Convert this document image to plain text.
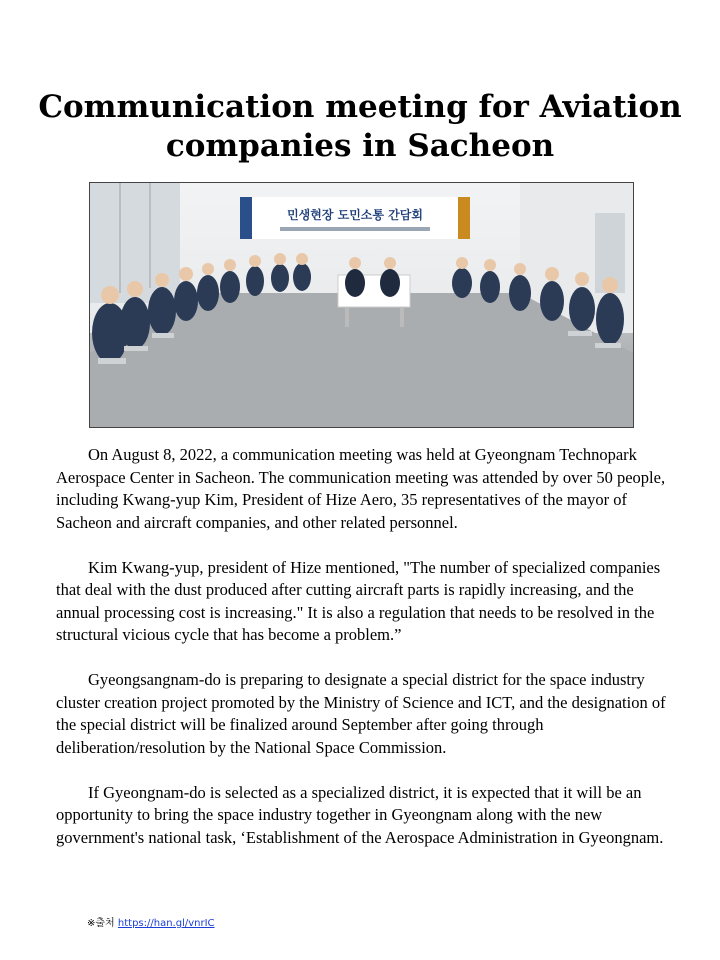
Communication meeting for Aviation companies in Sacheon
민생현장 도민소통 간담회

On August 8, 2022, a communication meeting was held at Gyeongnam Technopark Aerospace Center in Sacheon. The communication meeting was attended by over 50 people, including Kwang-yup Kim, President of Hize Aero, 35 representatives of the mayor of Sacheon and aircraft companies, and other related personnel.

Kim Kwang-yup, president of Hize mentioned, "The number of specialized companies that deal with the dust produced after cutting aircraft parts is rapidly increasing, and the annual processing cost is increasing." It is also a regulation that needs to be resolved in the structural vicious cycle that has become a problem.”

Gyeongsangnam-do is preparing to designate a special district for the space industry cluster creation project promoted by the Ministry of Science and ICT, and the designation of the special district will be finalized around September after going through deliberation/resolution by the National Space Commission.

If Gyeongnam-do is selected as a specialized district, it is expected that it will be an opportunity to bring the space industry together in Gyeongnam along with the new government's national task, ‘Establishment of the Aerospace Administration in Gyeongnam.

※출처 https://han.gl/vnrIC
